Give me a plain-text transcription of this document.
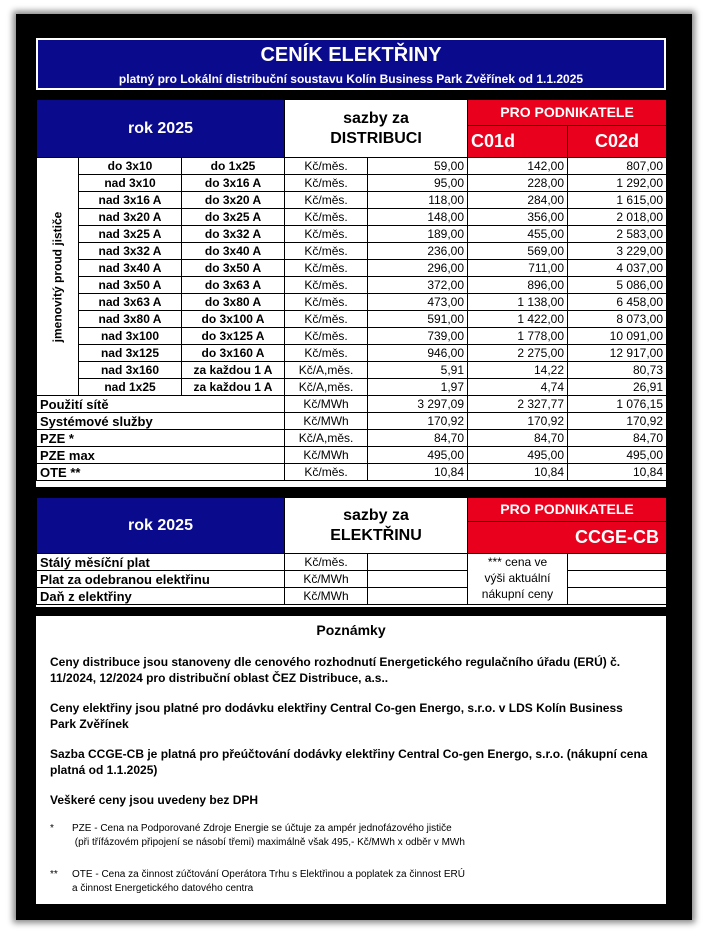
CENÍK ELEKTŘINY
platný pro Lokální distribuční soustavu Kolín Business Park Zvěřínek od 1.1.2025
rok 2025			sazby za
DISTRIBUCI		PRO PODNIKATELE		
					C01d	C02d	

jmenovitý proud jističe	do 3x10	do 1x25	Kč/měs.	59,00	142,00	807,00	
	nad 3x10	do 3x16 A	Kč/měs.	95,00	228,00	1 292,00	
	nad 3x16 A	do 3x20 A	Kč/měs.	118,00	284,00	1 615,00	
	nad 3x20 A	do 3x25 A	Kč/měs.	148,00	356,00	2 018,00	
	nad 3x25 A	do 3x32 A	Kč/měs.	189,00	455,00	2 583,00	
	nad 3x32 A	do 3x40 A	Kč/měs.	236,00	569,00	3 229,00	
	nad 3x40 A	do 3x50 A	Kč/měs.	296,00	711,00	4 037,00	
	nad 3x50 A	do 3x63 A	Kč/měs.	372,00	896,00	5 086,00	
	nad 3x63 A	do 3x80 A	Kč/měs.	473,00	1 138,00	6 458,00	
	nad 3x80 A	do 3x100 A	Kč/měs.	591,00	1 422,00	8 073,00	
	nad 3x100	do 3x125 A	Kč/měs.	739,00	1 778,00	10 091,00	
	nad 3x125	do 3x160 A	Kč/měs.	946,00	2 275,00	12 917,00	
	nad 3x160	za každou 1 A	Kč/A,měs.	5,91	14,22	80,73	
	nad 1x25	za každou 1 A	Kč/A,měs.	1,97	4,74	26,91	
Použití sítě			Kč/MWh	3 297,09	2 327,77	1 076,15	
Systémové služby			Kč/MWh	170,92	170,92	170,92	
PZE *			Kč/A,měs.	84,70	84,70	84,70	
PZE max			Kč/MWh	495,00	495,00	495,00	
OTE **			Kč/měs.	10,84	10,84	10,84	
rok 2025	sazby za
ELEKTŘINU		PRO PODNIKATELE		
				CCGE-CB	
Stálý měsíční plat	Kč/měs.		*** cena ve
výši aktuální
nákupní ceny		
Plat za odebranou elektřinu	Kč/MWh				
Daň z elektřiny	Kč/MWh				
Poznámky

Ceny distribuce jsou stanoveny dle cenového rozhodnutí Energetického regulačního úřadu (ERÚ) č. 11/2024, 12/2024 pro distribuční oblast ČEZ Distribuce, a.s..

Ceny elektřiny jsou platné pro dodávku elektřiny Central Co-gen Energo, s.r.o. v LDS Kolín Business Park Zvěřínek

Sazba CCGE-CB je platná pro přeúčtování dodávky elektřiny Central Co-gen Energo, s.r.o. (nákupní cena platná od 1.1.2025)

Veškeré ceny jsou uvedeny bez DPH

* PZE - Cena na Podporované Zdroje Energie se účtuje za ampér jednofázového jističe
(při třífázovém připojení se násobí třemi) maximálně však 495,- Kč/MWh x odběr v MWh
** OTE - Cena za činnost zúčtování Operátora Trhu s Elektřinou a poplatek za činnost ERÚ
a činnost Energetického datového centra
